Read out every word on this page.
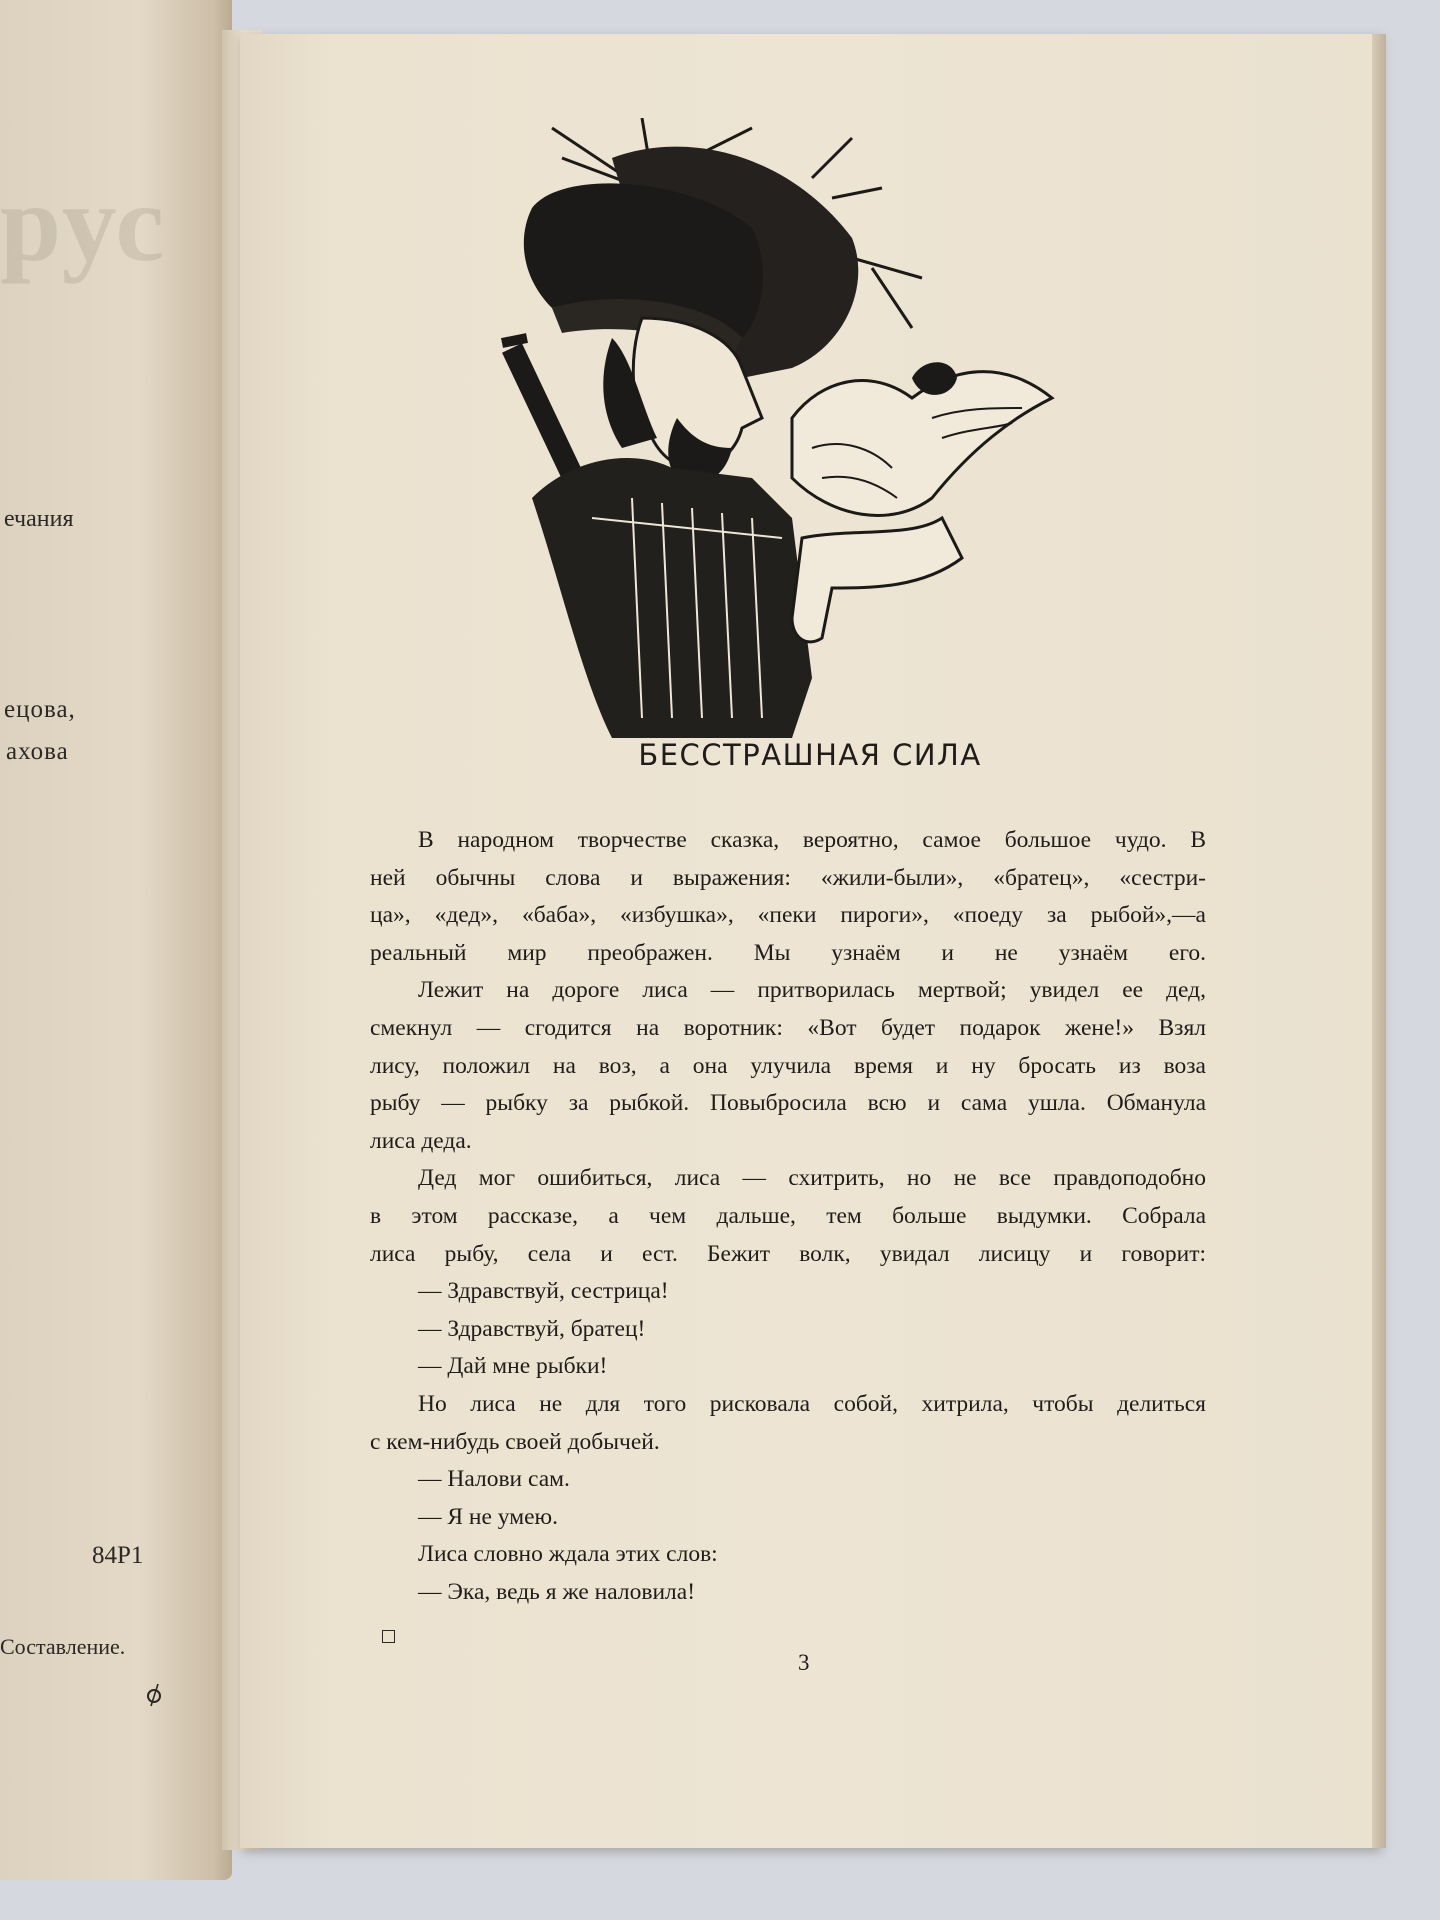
рус
ечания
ецова,
ахова
84Р1
Составление.
БЕССТРАШНАЯ СИЛА
В народном творчестве сказка, вероятно, самое большое чудо. В
ней обычны слова и выражения: «жили-были», «братец», «сестри-
ца», «дед», «баба», «избушка», «пеки пироги», «поеду за рыбой»,—а
реальный мир преображен. Мы узнаём и не узнаём его.
Лежит на дороге лиса — притворилась мертвой; увидел ее дед,
смекнул — сгодится на воротник: «Вот будет подарок жене!» Взял
лису, положил на воз, а она улучила время и ну бросать из воза
рыбу — рыбку за рыбкой. Повыбросила всю и сама ушла. Обманула
лиса деда.
Дед мог ошибиться, лиса — схитрить, но не все правдоподобно
в этом рассказе, а чем дальше, тем больше выдумки. Собрала
лиса рыбу, села и ест. Бежит волк, увидал лисицу и говорит:
— Здравствуй, сестрица!
— Здравствуй, братец!
— Дай мне рыбки!
Но лиса не для того рисковала собой, хитрила, чтобы делиться
с кем-нибудь своей добычей.
— Налови сам.
— Я не умею.
Лиса словно ждала этих слов:
— Эка, ведь я же наловила!
3
